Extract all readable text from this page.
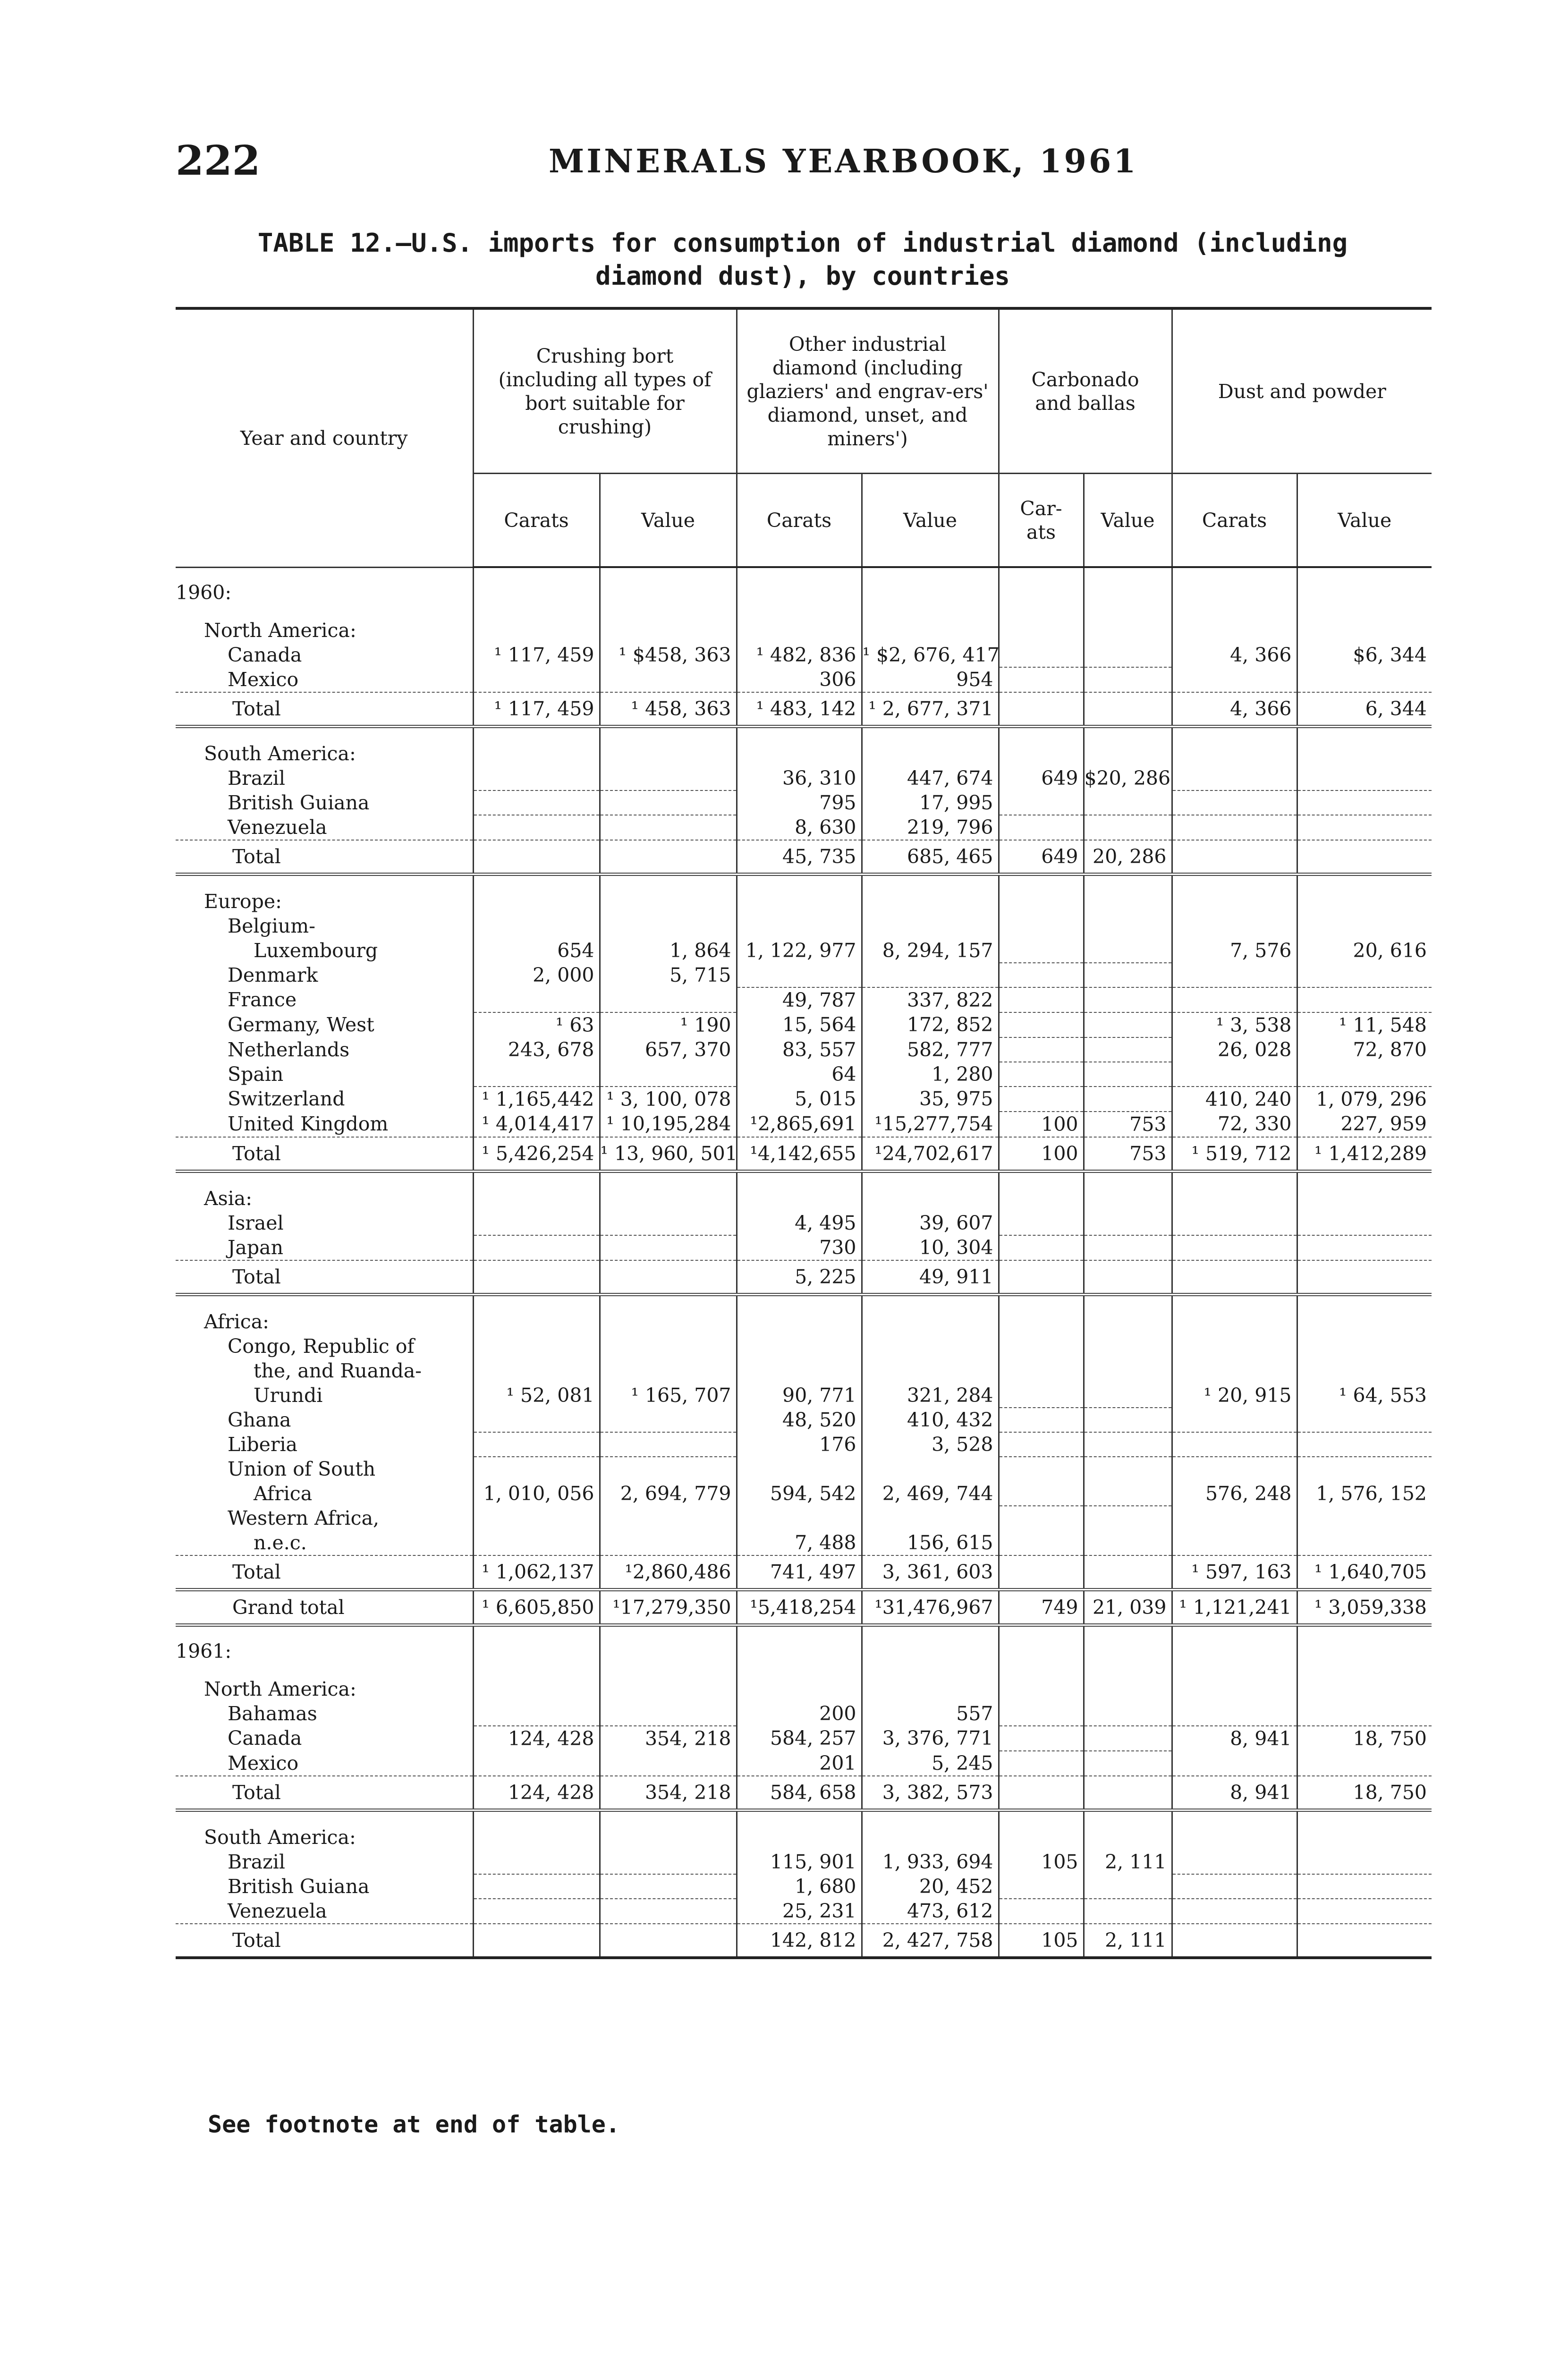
222	MINERALS YEARBOOK, 1961
TABLE 12.—U.S. imports for consumption of industrial diamond (including
diamond dust), by countries
Year and country	Crushing bort (including all types of bort suitable for crushing)		Other industrial diamond (including glaziers' and engrav-ers' diamond, unset, and miners')		Carbonado and ballas		Dust and powder	
	Carats	Value	Carats	Value	Car-ats	Value	Carats	Value
1960:								
North America:								
Canada	¹ 117, 459	¹ $458, 363	¹ 482, 836	¹ $2, 676, 417			4, 366	$6, 344
Mexico			306	954				
Total	¹ 117, 459	¹ 458, 363	¹ 483, 142	¹ 2, 677, 371			4, 366	6, 344
South America:								
Brazil			36, 310	447, 674	649	$20, 286		
British Guiana			795	17, 995				
Venezuela			8, 630	219, 796				
Total			45, 735	685, 465	649	20, 286		
Europe:								
Belgium-								
Luxembourg	654	1, 864	1, 122, 977	8, 294, 157			7, 576	20, 616
Denmark	2, 000	5, 715						
France			49, 787	337, 822				
Germany, West	¹ 63	¹ 190	15, 564	172, 852			¹ 3, 538	¹ 11, 548
Netherlands	243, 678	657, 370	83, 557	582, 777			26, 028	72, 870
Spain			64	1, 280				
Switzerland	¹ 1,165,442	¹ 3, 100, 078	5, 015	35, 975			410, 240	1, 079, 296
United Kingdom	¹ 4,014,417	¹ 10,195,284	¹2,865,691	¹15,277,754	100	753	72, 330	227, 959
Total	¹ 5,426,254	¹ 13, 960, 501	¹4,142,655	¹24,702,617	100	753	¹ 519, 712	¹ 1,412,289
Asia:								
Israel			4, 495	39, 607				
Japan			730	10, 304				
Total			5, 225	49, 911				
Africa:								
Congo, Republic of								
the, and Ruanda-								
Urundi	¹ 52, 081	¹ 165, 707	90, 771	321, 284			¹ 20, 915	¹ 64, 553
Ghana			48, 520	410, 432				
Liberia			176	3, 528				
Union of South								
Africa	1, 010, 056	2, 694, 779	594, 542	2, 469, 744			576, 248	1, 576, 152
Western Africa,								
n.e.c.			7, 488	156, 615				
Total	¹ 1,062,137	¹2,860,486	741, 497	3, 361, 603			¹ 597, 163	¹ 1,640,705
Grand total	¹ 6,605,850	¹17,279,350	¹5,418,254	¹31,476,967	749	21, 039	¹ 1,121,241	¹ 3,059,338
1961:								
North America:								
Bahamas			200	557				
Canada	124, 428	354, 218	584, 257	3, 376, 771			8, 941	18, 750
Mexico			201	5, 245				
Total	124, 428	354, 218	584, 658	3, 382, 573			8, 941	18, 750
South America:								
Brazil			115, 901	1, 933, 694	105	2, 111		
British Guiana			1, 680	20, 452				
Venezuela			25, 231	473, 612				
Total			142, 812	2, 427, 758	105	2, 111		
See footnote at end of table.
